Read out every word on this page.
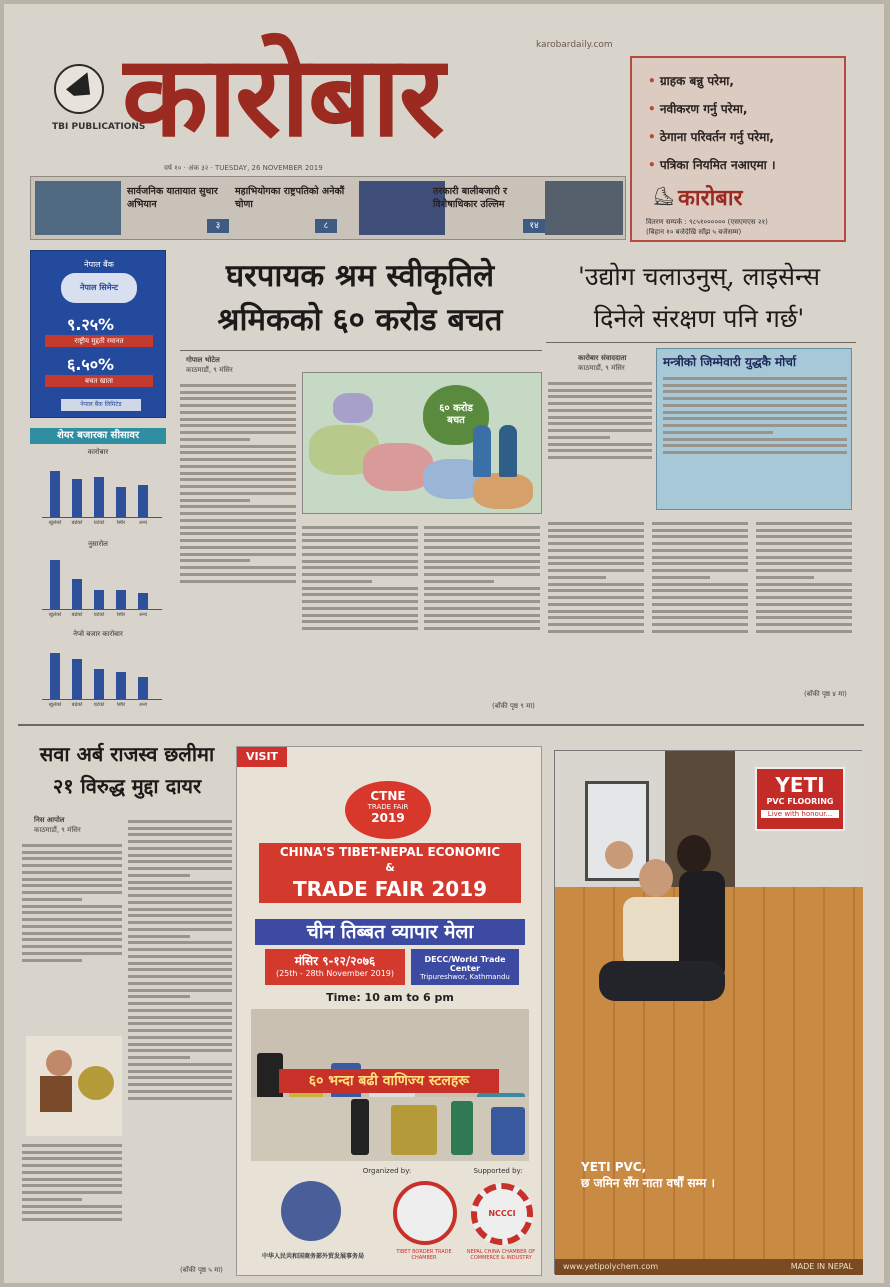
TBI PUBLICATIONS
कारोबार	karobardaily.com
वर्ष १० · अंक ३२ · TUESDAY, 26 NOVEMBER 2019
• ग्राहक बन्नु परेमा,
• नवीकरण गर्नु परेमा,
• ठेगाना परिवर्तन गर्नु परेमा,
• पत्रिका नियमित नआएमा ।
⛸ कारोबार
वितरण सम्पर्क : ९८५१०००००० (एसएमएस २१)
(बिहान १० बजेदेखि साँझ ५ बजेसम्म)
सार्वजनिक यातायात सुधार अभियान
३
महाभियोगका राष्ट्रपतिको अनेकौं चोणा
८
तरकारी बालीबजारी र विशेषाधिकार उल्लिम
१४
नेपाल बैंक
नेपाल सिमेन्ट
९.२५%
राष्ट्रीय मुद्दती रमानत
६.५०%
बचत खाता
नेपाल बैंक लिमिटेड
शेयर बजारका सीसावर
घरपायक श्रम स्वीकृतिले
श्रमिकको ६० करोड बचत
गोपाल भोटेल
काठमाडौं, ९ मंसिर
६० करोड बचत
(बाँकी पृष्ठ ९ मा)
'उद्योग चलाउनुस्, लाइसेन्स
दिनेले संरक्षण पनि गर्छ'
कारोबार संवाददाता
काठमाडौं, ९ मंसिर	मन्त्रीको जिम्मेवारी युद्धकै मोर्चा
(बाँकी पृष्ठ ४ मा)
सवा अर्ब राजस्व छलीमा
२१ विरुद्ध मुद्दा दायर
निस आपोल
काठमाडौं, ९ मंसिर
(बाँकी पृष्ठ ५ मा)
VISIT
CTNE
TRADE FAIR
2019
CHINA'S TIBET-NEPAL ECONOMIC
&
TRADE FAIR 2019
चीन तिब्बत व्यापार मेला
मंसिर ९-१२/२०७६
(25th - 28th November 2019)
DECC/World Trade Center
Tripureshwor, Kathmandu
Time: 10 am to 6 pm
६० भन्दा बढी वाणिज्य स्टलहरू
Organized by:	Supported by:
NCCCI
中华人民共和国商务部外贸发展事务局
TIBET BORDER TRADE CHAMBER
NEPAL CHINA CHAMBER OF COMMERCE & INDUSTRY
YETI
PVC FLOORING
Live with honour...
YETI PVC,
छ जमिन सँग नाता वर्षौं सम्म ।
www.yetipolychem.com	MADE IN NEPAL
कारोबार
खुलेको	बढेको	घटेको	स्थिर	अन्य
नुसारोल
खुलेको	बढेको	घटेको	स्थिर	अन्य
नेप्से बजार कारोबार
खुलेको	बढेको	घटेको	स्थिर	अन्य
